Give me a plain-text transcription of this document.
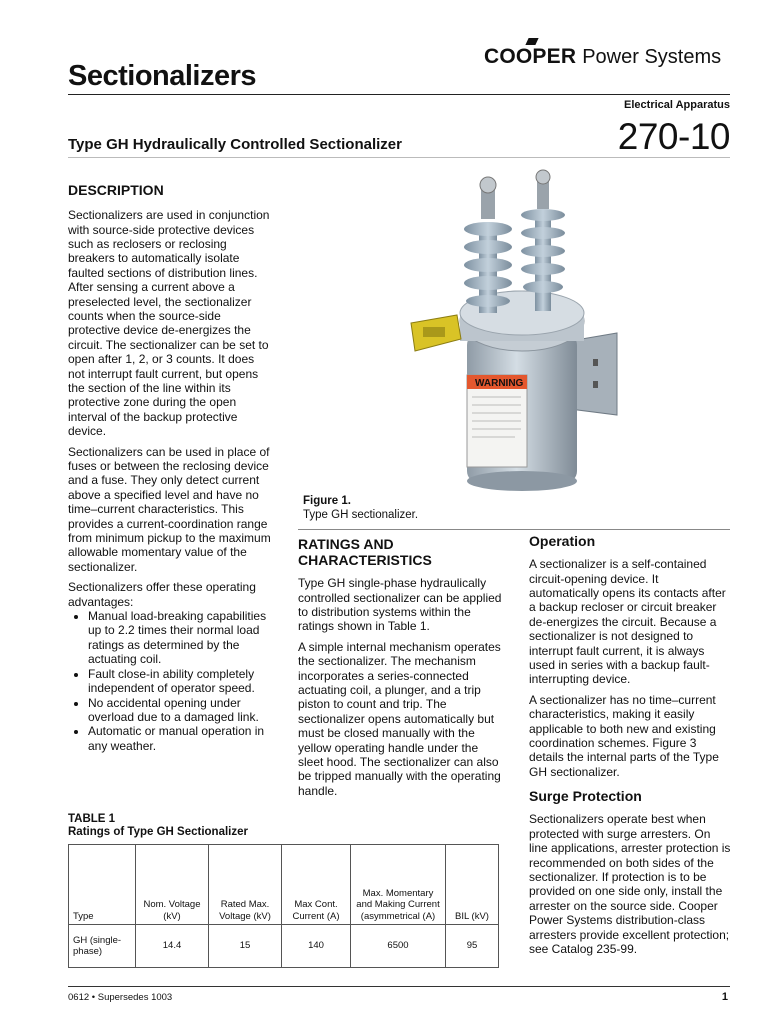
COOPER Power Systems
Sectionalizers
Electrical Apparatus
270-10
Type GH Hydraulically Controlled Sectionalizer
DESCRIPTION

Sectionalizers are used in conjunction with source-side protective devices such as reclosers or reclosing breakers to automatically isolate faulted sections of distribution lines. After sensing a current above a preselected level, the sectionalizer counts when the source-side protective device de-energizes the circuit. The sectionalizer can be set to open after 1, 2, or 3 counts. It does not interrupt fault current, but opens the section of the line within its protective zone during the open interval of the backup protective device.

Sectionalizers can be used in place of fuses or between the reclosing device and a fuse. They only detect current above a specified level and have no time–current characteristics. This provides a current-coordination range from minimum pickup to the maximum allowable momentary value of the sectionalizer.

Sectionalizers offer these operating advantages:

• Manual load-breaking capabilities up to 2.2 times their normal load ratings as determined by the actuating coil.
• Fault close-in ability completely independent of operator speed.
• No accidental opening under overload due to a damaged link.
• Automatic or manual operation in any weather.
WARNING
Figure 1.
Type GH sectionalizer.
RATINGS AND
CHARACTERISTICS

Type GH single-phase hydraulically controlled sectionalizer can be applied to distribution systems within the ratings shown in Table 1.

A simple internal mechanism operates the sectionalizer. The mechanism incorporates a series-connected actuating coil, a plunger, and a trip piston to count and trip. The sectionalizer opens automatically but must be closed manually with the yellow operating handle under the sleet hood. The sectionalizer can also be tripped manually with the operating handle.

Operation

A sectionalizer is a self-contained circuit-opening device. It automatically opens its contacts after a backup recloser or circuit breaker de-energizes the circuit. Because a sectionalizer is not designed to interrupt fault current, it is always used in series with a backup fault-interrupting device.

A sectionalizer has no time–current characteristics, making it easily applicable to both new and existing coordination schemes. Figure 3 details the internal parts of the Type GH sectionalizer.

Surge Protection

Sectionalizers operate best when protected with surge arresters. On line applications, arrester protection is recommended on both sides of the sectionalizer. If protection is to be provided on one side only, install the arrester on the source side. Cooper Power Systems distribution-class arresters provide excellent protection; see Catalog 235-99.

TABLE 1
Ratings of Type GH Sectionalizer
Type	Nom. Voltage (kV)	Rated Max. Voltage (kV)	Max Cont. Current (A)	Max. Momentary and Making Current (asymmetrical (A)	BIL (kV)
GH (single-phase)	14.4	15	140	6500	95
0612 • Supersedes 1003	1
